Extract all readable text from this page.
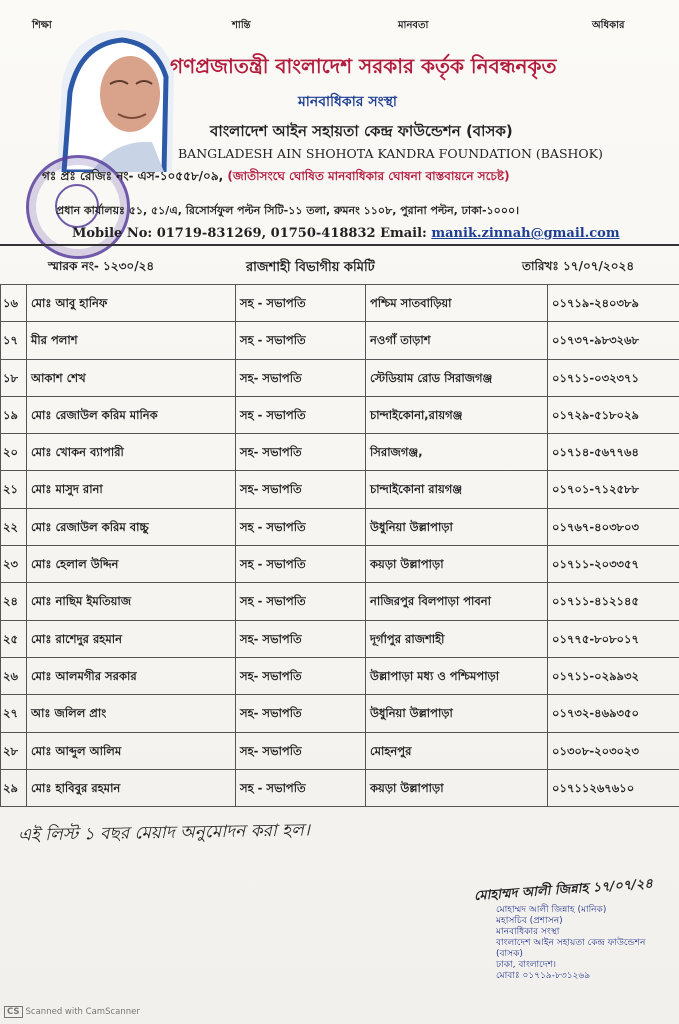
শিক্ষা	শান্তি	মানবতা	অধিকার
গণপ্রজাতন্ত্রী বাংলাদেশ সরকার কর্তৃক নিবন্ধনকৃত
মানবাধিকার সংস্থা
বাংলাদেশ আইন সহায়তা কেন্দ্র ফাউন্ডেশন (বাসক)
BANGLADESH AIN SHOHOTA KANDRA FOUNDATION (BASHOK)
গঃ প্রঃ রেজিঃ নং- এস-১০৫৫৮/০৯, (জাতীসংঘে ঘোষিত মানবাধিকার ঘোষনা বাস্তবায়নে সচেষ্ট)
প্রধান কার্যালয়ঃ ৫১, ৫১/এ, রিসোর্সফুল পল্টন সিটি-১১ তলা, রুমনং ১১০৮, পুরানা পল্টন, ঢাকা-১০০০।
Mobile No: 01719-831269, 01750-418832 Email: manik.zinnah@gmail.com
স্মারক নং- ১২৩০/২৪	রাজশাহী বিভাগীয় কমিটি	তারিখঃ ১৭/০৭/২০২৪
১৬	মোঃ আবু হানিফ	সহ - সভাপতি	পশ্চিম সাতবাড়িয়া	০১৭১৯-২৪০৩৮৯
১৭	মীর পলাশ	সহ - সভাপতি	নওগাঁ তাড়াশ	০১৭৩৭-৯৮৩২৬৮
১৮	আকাশ শেখ	সহ- সভাপতি	স্টেডিয়াম রোড সিরাজগঞ্জ	০১৭১১-০৩২৩৭১
১৯	মোঃ রেজাউল করিম মানিক	সহ - সভাপতি	চান্দাইকোনা,রায়গঞ্জ	০১৭২৯-৫১৮০২৯
২০	মোঃ খোকন ব্যাপারী	সহ- সভাপতি	সিরাজগঞ্জ,	০১৭১৪-৫৬৭৭৬৪
২১	মোঃ মাসুদ রানা	সহ- সভাপতি	চান্দাইকোনা রায়গঞ্জ	০১৭০১-৭১২৫৮৮
২২	মোঃ রেজাউল করিম বাচ্চু	সহ - সভাপতি	উধুনিয়া উল্লাপাড়া	০১৭৬৭-৪০৩৮০৩
২৩	মোঃ হেলাল উদ্দিন	সহ - সভাপতি	কয়ড়া উল্লাপাড়া	০১৭১১-২০৩৩৫৭
২৪	মোঃ নাছিম ইমতিয়াজ	সহ - সভাপতি	নাজিরপুর বিলপাড়া পাবনা	০১৭১১-৪১২১৪৫
২৫	মোঃ রাশেদুর রহমান	সহ- সভাপতি	দূর্গাপুর রাজশাহী	০১৭৭৫-৮০৮০১৭
২৬	মোঃ আলমগীর সরকার	সহ- সভাপতি	উল্লাপাড়া মধ্য ও পশ্চিমপাড়া	০১৭১১-০২৯৯৩২
২৭	আঃ জলিল প্রাং	সহ- সভাপতি	উধুনিয়া উল্লাপাড়া	০১৭৩২-৪৬৯৩৫০
২৮	মোঃ আব্দুল আলিম	সহ- সভাপতি	মোহনপুর	০১৩০৮-২০৩০২৩
২৯	মোঃ হাবিবুর রহমান	সহ - সভাপতি	কয়ড়া উল্লাপাড়া	০১৭১১২৬৭৬১০
এই লিস্ট ১ বছর মেয়াদ অনুমোদন করা হল।
মোহাম্মদ আলী জিন্নাহ ১৭/০৭/২৪
মোহাম্মদ আলী জিন্নাহ (মানিক)
মহাসচিব (প্রশাসন)
মানবাধিকার সংস্থা
বাংলাদেশ আইন সহায়তা কেন্দ্র ফাউন্ডেশন (বাসক)
ঢাকা, বাংলাদেশ।
মোবাঃ ০১৭১৯-৮৩১২৬৯
CS Scanned with CamScanner
